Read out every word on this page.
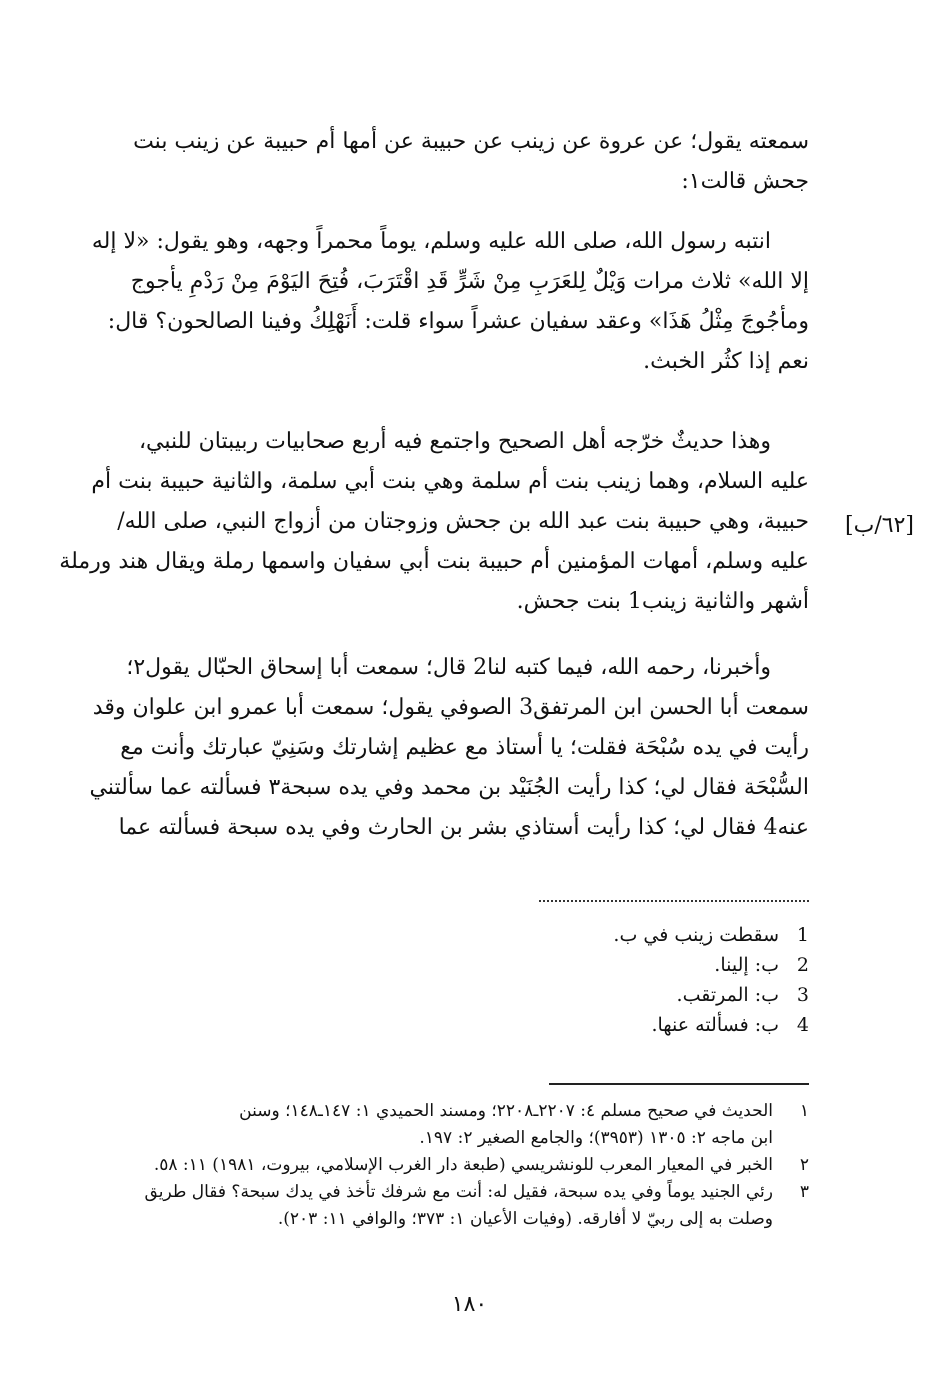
سمعته يقول؛ عن عروة عن زينب عن حبيبة عن أمها أم حبيبة عن زينب بنت
جحش قالت١:
انتبه رسول الله، صلى الله عليه وسلم، يوماً محمراً وجهه، وهو يقول: «لا إله
إلا الله» ثلاث مرات وَيْلٌ لِلعَرَبِ مِنْ شَرٍّ قَدِ اقْتَرَبَ، فُتِحَ اليَوْمَ مِنْ رَدْمِ يأجوج
ومأجُوجَ مِثْلُ هَذَا» وعقد سفيان عشراً سواء قلت: أَنَهْلِكُ وفينا الصالحون؟ قال:
نعم إذا كثُر الخبث.
وهذا حديثٌ خرّجه أهل الصحيح واجتمع فيه أربع صحابيات ربيبتان للنبي،
عليه السلام، وهما زينب بنت أم سلمة وهي بنت أبي سلمة، والثانية حبيبة بنت أم
حبيبة، وهي حبيبة بنت عبد الله بن جحش وزوجتان من أزواج النبي، صلى الله/
عليه وسلم، أمهات المؤمنين أم حبيبة بنت أبي سفيان واسمها رملة ويقال هند ورملة
أشهر والثانية زينب1 بنت جحش.
[٦٢/ب]
وأخبرنا، رحمه الله، فيما كتبه لنا2 قال؛ سمعت أبا إسحاق الحبّال يقول٢؛
سمعت أبا الحسن ابن المرتفق3 الصوفي يقول؛ سمعت أبا عمرو ابن علوان وقد
رأيت في يده سُبْحَة فقلت؛ يا أستاذ مع عظيم إشارتك وسَنِيّ عبارتك وأنت مع
السُّبْحَة فقال لي؛ كذا رأيت الجُنَيْد بن محمد وفي يده سبحة٣ فسألته عما سألتني
عنه4 فقال لي؛ كذا رأيت أستاذي بشر بن الحارث وفي يده سبحة فسألته عما
1سقطت زينب في ب.
2ب: إلينا.
3ب: المرتقب.
4ب: فسألته عنها.
١
الحديث في صحيح مسلم ٤: ٢٢٠٧ـ٢٢٠٨؛ ومسند الحميدي ١: ١٤٧ـ١٤٨؛ وسنن
ابن ماجه ٢: ١٣٠٥ (٣٩٥٣)؛ والجامع الصغير ٢: ١٩٧.
٢
الخبر في المعيار المعرب للونشريسي (طبعة دار الغرب الإسلامي، بيروت، ١٩٨١) ١١: ٥٨.
٣
رئي الجنيد يوماً وفي يده سبحة، فقيل له: أنت مع شرفك تأخذ في يدك سبحة؟ فقال طريق
وصلت به إلى ربيّ لا أفارقه. (وفيات الأعيان ١: ٣٧٣؛ والوافي ١١: ٢٠٣).
١٨٠
